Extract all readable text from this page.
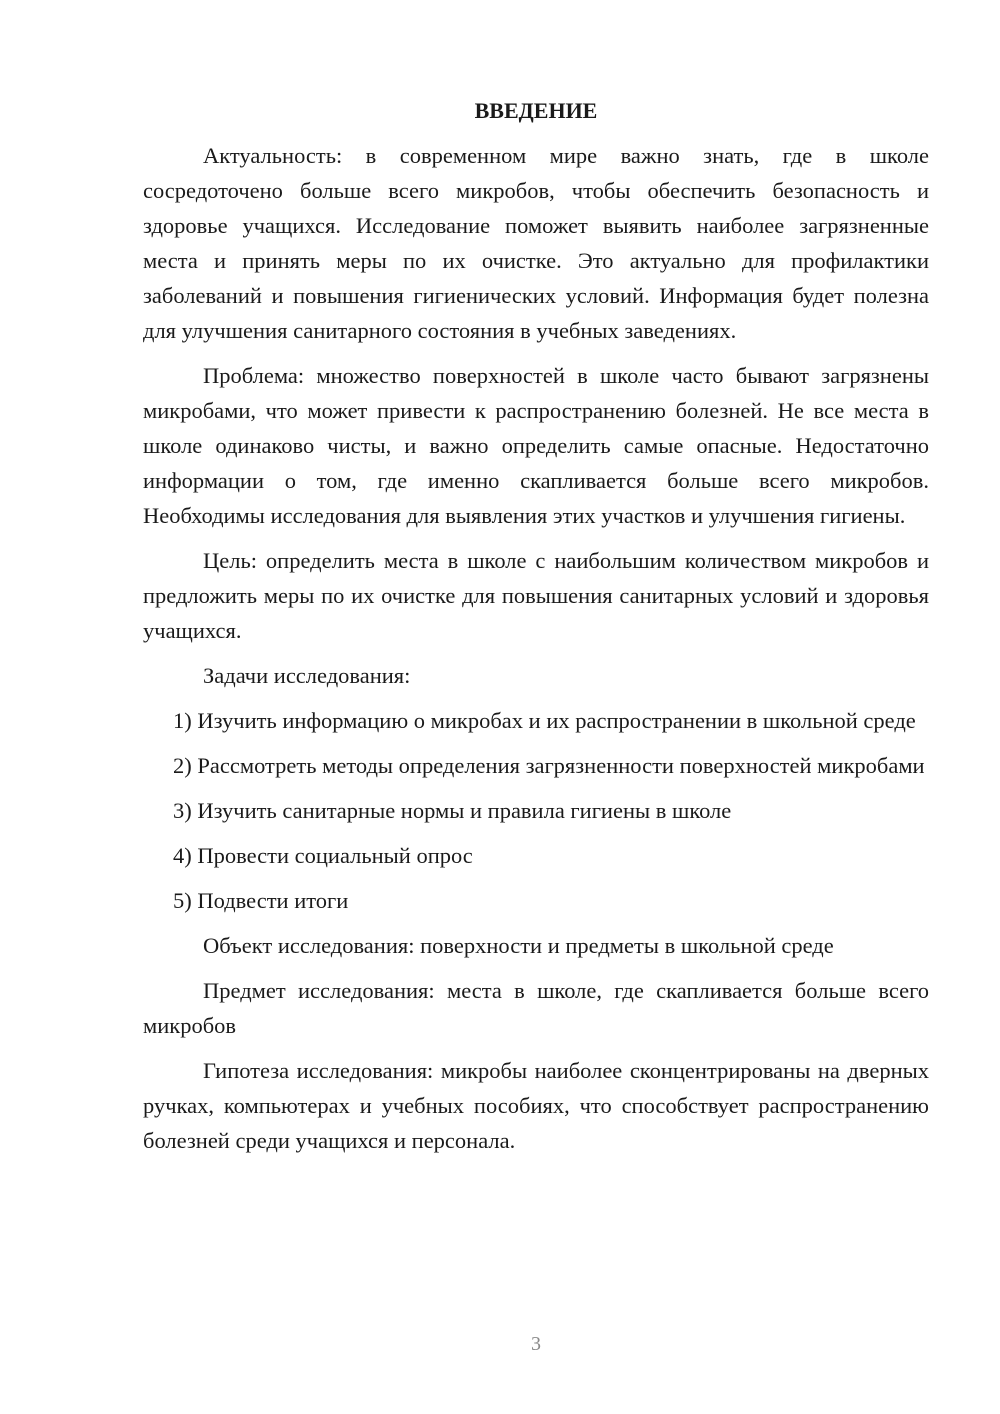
ВВЕДЕНИЕ

Актуальность: в современном мире важно знать, где в школе сосредоточено больше всего микробов, чтобы обеспечить безопасность и здоровье учащихся. Исследование поможет выявить наиболее загрязненные места и принять меры по их очистке. Это актуально для профилактики заболеваний и повышения гигиенических условий. Информация будет полезна для улучшения санитарного состояния в учебных заведениях.

Проблема: множество поверхностей в школе часто бывают загрязнены микробами, что может привести к распространению болезней. Не все места в школе одинаково чисты, и важно определить самые опасные. Недостаточно информации о том, где именно скапливается больше всего микробов. Необходимы исследования для выявления этих участков и улучшения гигиены.

Цель: определить места в школе с наибольшим количеством микробов и предложить меры по их очистке для повышения санитарных условий и здоровья учащихся.

Задачи исследования:

1) Изучить информацию о микробах и их распространении в школьной среде

2) Рассмотреть методы определения загрязненности поверхностей микробами

3) Изучить санитарные нормы и правила гигиены в школе

4) Провести социальный опрос

5) Подвести итоги

Объект исследования: поверхности и предметы в школьной среде

Предмет исследования: места в школе, где скапливается больше всего микробов

Гипотеза исследования: микробы наиболее сконцентрированы на дверных ручках, компьютерах и учебных пособиях, что способствует распространению болезней среди учащихся и персонала.

3
